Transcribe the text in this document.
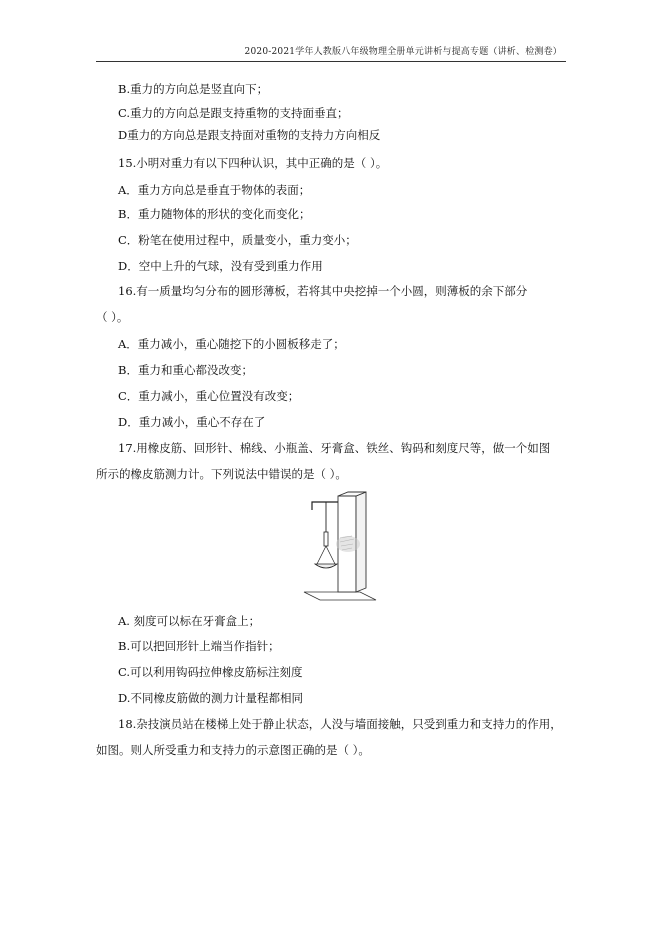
2020-2021学年人教版八年级物理全册单元讲析与提高专题（讲析、检测卷）
B.重力的方向总是竖直向下；
C.重力的方向总是跟支持重物的支持面垂直；
D重力的方向总是跟支持面对重物的支持力方向相反
15.小明对重力有以下四种认识，其中正确的是（ ）。
A．重力方向总是垂直于物体的表面；
B．重力随物体的形状的变化而变化；
C．粉笔在使用过程中，质量变小，重力变小；
D．空中上升的气球，没有受到重力作用
16.有一质量均匀分布的圆形薄板，若将其中央挖掉一个小圆，则薄板的余下部分
（ ）。
A．重力减小，重心随挖下的小圆板移走了；
B．重力和重心都没改变；
C．重力减小，重心位置没有改变；
D．重力减小，重心不存在了
17.用橡皮筋、回形针、棉线、小瓶盖、牙膏盒、铁丝、钩码和刻度尺等，做一个如图
所示的橡皮筋测力计。下列说法中错误的是（ ）。
A. 刻度可以标在牙膏盒上；
B.可以把回形针上端当作指针；
C.可以利用钩码拉伸橡皮筋标注刻度
D.不同橡皮筋做的测力计量程都相同
18.杂技演员站在楼梯上处于静止状态，人没与墙面接触，只受到重力和支持力的作用，
如图。则人所受重力和支持力的示意图正确的是（ ）。
